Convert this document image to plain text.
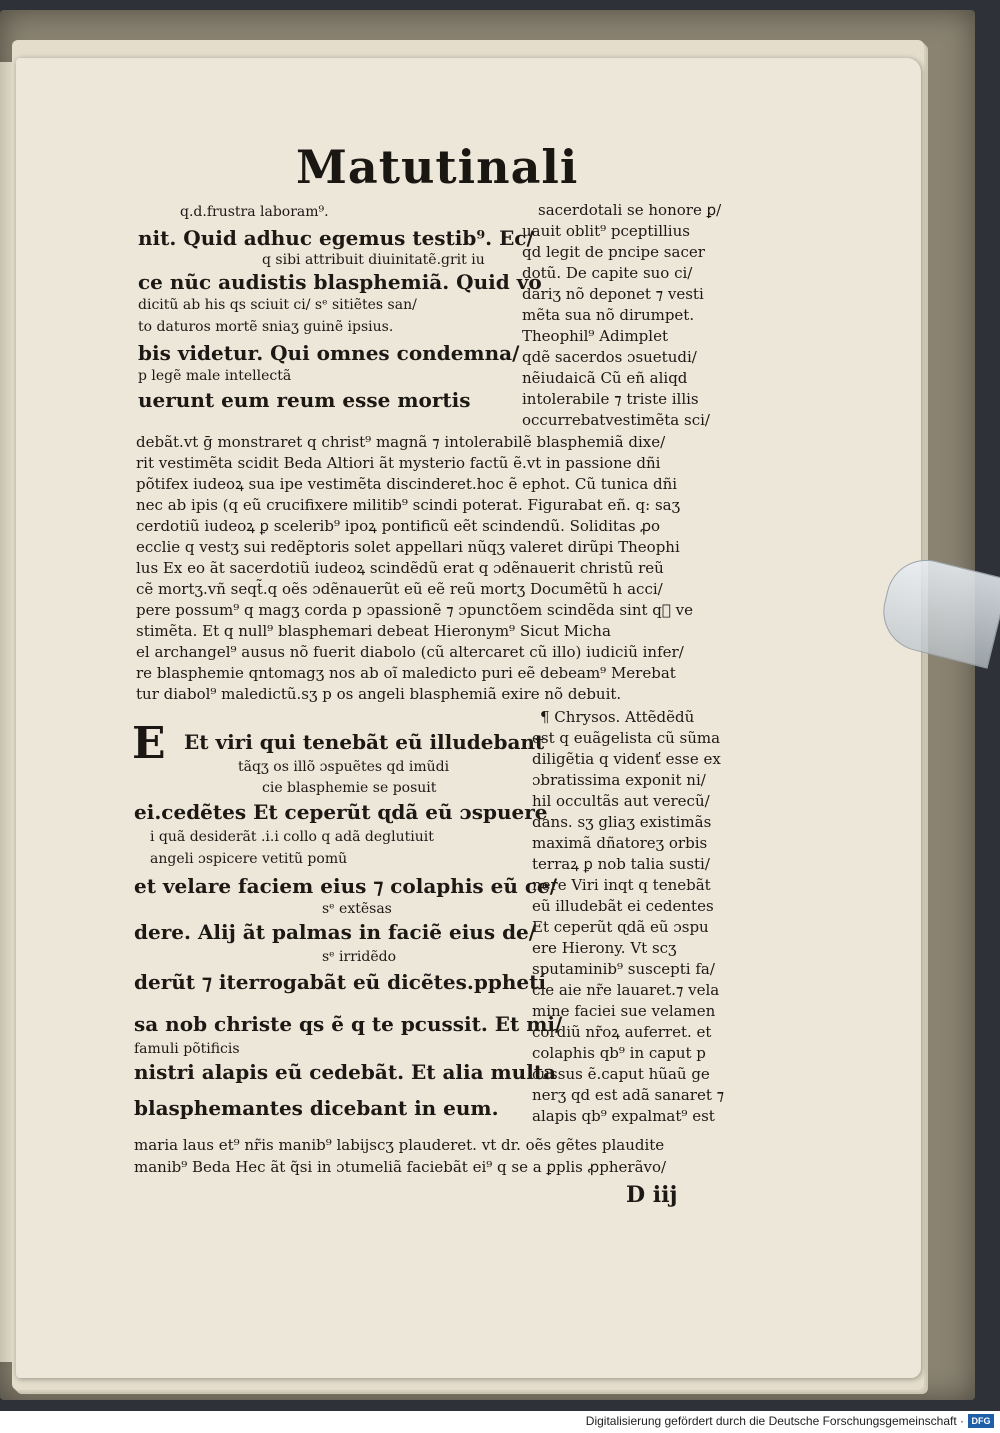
Matutinali
q.d.frustra laboram⁹.
nit. Quid adhuc egemus testib⁹. Ec/
q sibi attribuit diuinitatẽ.grit iu
ce nũc audistis blasphemiã. Quid vo
dicitũ ab his qs sciuit ci/ sᵉ sitiẽtes san/
to daturos mortẽ sniaʒ guinẽ ipsius.
bis videtur. Qui omnes condemna/
p legẽ male intellectã
uerunt eum reum esse mortis
sacerdotali se honore ꝑ/
uauit oblit⁹ pceptillius
qd legit de pncipe sacer
dotũ. De capite suo ci/
dariʒ nõ deponet ⁊ vesti
mẽta sua nõ dirumpet.
Theophil⁹ Adimplet
qdẽ sacerdos ɔsuetudi/
nẽiudaicã Cũ eñ aliqd
intolerabile ⁊ triste illis
occurrebatvestimẽta sci/
debãt.vt ḡ monstraret q christ⁹ magnã ⁊ intolerabilẽ blasphemiã dixe/
rit vestimẽta scidit Beda Altiori ãt mysterio factũ ẽ.vt in passione dñi
põtifex iudeoꝝ sua ipe vestimẽta discinderet.hoc ẽ ephot. Cũ tunica dñi
nec ab ipis (q eũ crucifixere militib⁹ scindi poterat. Figurabat eñ. q: saʒ
cerdotiũ iudeoꝝ ꝑ scelerib⁹ ipoꝝ pontificũ eẽt scindendũ. Soliditas ꝓo
ecclie q vestʒ sui redẽptoris solet appellari nũqʒ valeret dirũpi Theophi
lus Ex eo ãt sacerdotiũ iudeoꝝ scindẽdũ erat q ɔdẽnauerit christũ reũ
cẽ mortʒ.vñ seqt̃.q oẽs ɔdẽnauerũt eũ eẽ reũ mortʒ Documẽtũ h acci/
pere possum⁹ q magʒ corda p ɔpassionẽ ⁊ ɔpunctõem scindẽda sint qᷓ ve
stimẽta. Et q null⁹ blasphemari debeat Hieronym⁹ Sicut Micha
el archangel⁹ ausus nõ fuerit diabolo (cũ altercaret cũ illo) iudiciũ infer/
re blasphemie qntomagʒ nos ab oĩ maledicto puri eẽ debeam⁹ Merebat
tur diabol⁹ maledictũ.sʒ p os angeli blasphemiã exire nõ debuit.
E Et viri qui tenebãt eũ illudebant
tãqʒ os illõ ɔspuẽtes qd imũdi
cie blasphemie se posuit
ei.cedẽtes Et ceperũt ɋdã eũ ɔspuere
i quã desiderãt .i.i collo q adã deglutiuit
angeli ɔspicere vetitũ pomũ
et velare faciem eius ⁊ colaphis eũ ce/
sᵉ extẽsas
dere. Alij ãt palmas in faciẽ eius de/
sᵉ irridẽdo
derũt ⁊ iterrogabãt eũ dicẽtes.pphetí
sa nob christe qs ẽ q te pcussit. Et mi/
famuli põtificis
nistri alapis eũ cedebãt. Et alia multa
blasphemantes dicebant in eum.
¶ Chrysos. Attẽdẽdũ
est q euãgelista cũ sũma
diligẽtia q videnť esse ex
ɔbratissima exponit ni/
hil occultãs aut verecũ/
dans. sʒ gliaʒ existimãs
maximã dñatoreʒ orbis
terraꝝ ꝑ nob talia susti/
nere Viri inqt q tenebãt
eũ illudebãt ei cedentes
Et ceperũt ɋdã eũ ɔspu
ere Hierony. Vt scʒ
sputaminib⁹ suscepti fa/
cie aie nr̃e lauaret.⁊ vela
mine faciei sue velamen
cordiũ nr̃oꝝ auferret. et
colaphis qb⁹ in caput p
cussus ẽ.caput hũaũ ge
nerʒ qd est adã sanaret ⁊
alapis qb⁹ expalmat⁹ est
maria laus et⁹ nr̃is manib⁹ labijscʒ plauderet. vt dr. oẽs gẽtes plaudite
manib⁹ Beda Hec ãt q̃si in ɔtumeliã faciebãt ei⁹ q se a ꝑplis ꝓpherãvo/
D iij
Digitalisierung gefördert durch die Deutsche Forschungsgemeinschaft · DFG
